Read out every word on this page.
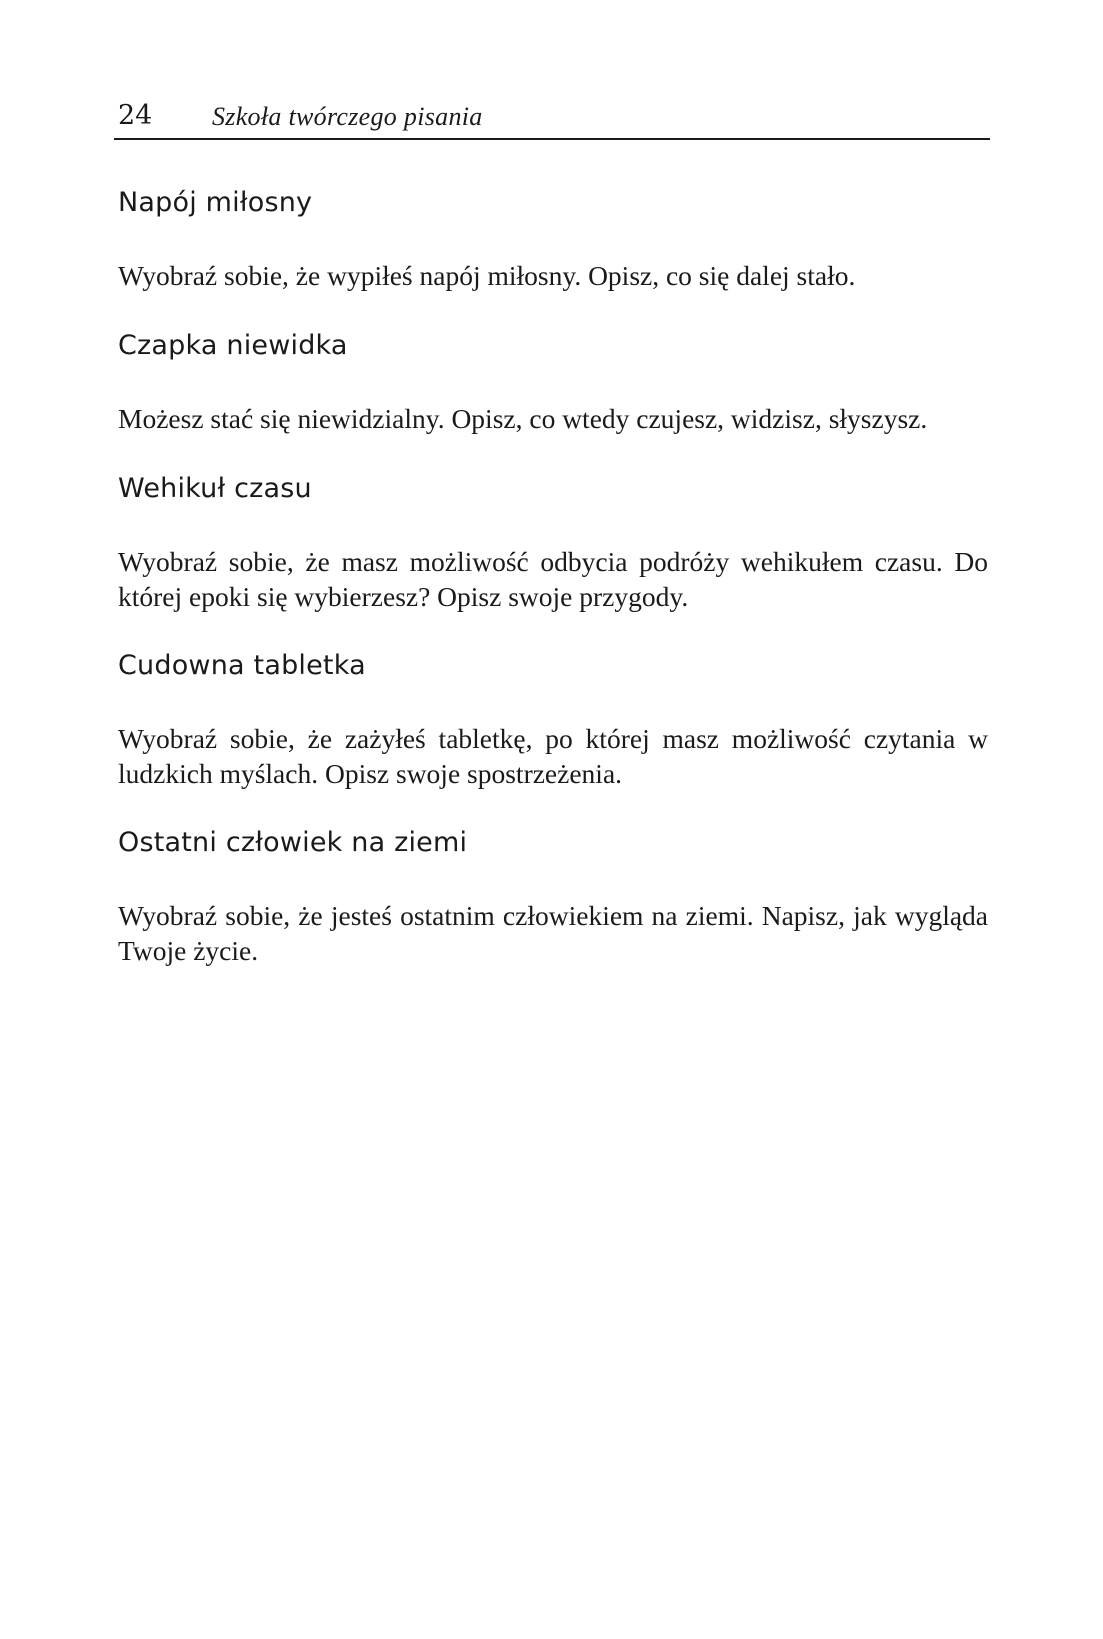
24 Szkoła twórczego pisania
Napój miłosny

Wyobraź sobie, że wypiłeś napój miłosny. Opisz, co się dalej stało.

Czapka niewidka

Możesz stać się niewidzialny. Opisz, co wtedy czujesz, widzisz, słyszysz.

Wehikuł czasu

Wyobraź sobie, że masz możliwość odbycia podróży wehikułem czasu. Do której epoki się wybierzesz? Opisz swoje przygody.

Cudowna tabletka

Wyobraź sobie, że zażyłeś tabletkę, po której masz możliwość czytania w ludzkich myślach. Opisz swoje spostrzeżenia.

Ostatni człowiek na ziemi

Wyobraź sobie, że jesteś ostatnim człowiekiem na ziemi. Napisz, jak wygląda Twoje życie.
